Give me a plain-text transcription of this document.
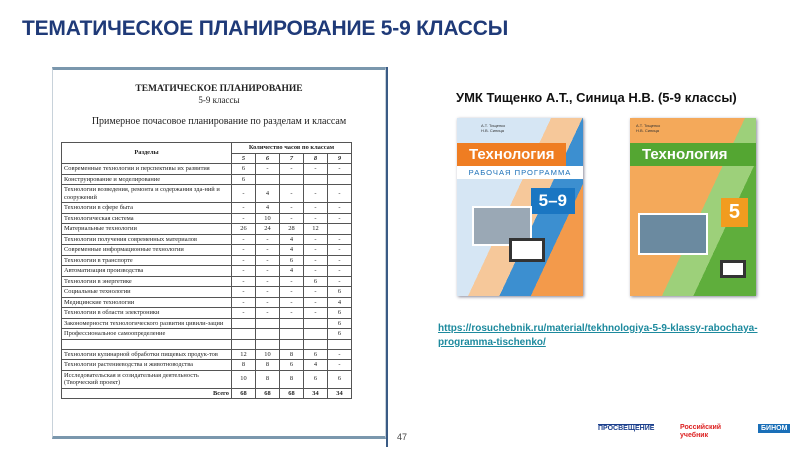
ТЕМАТИЧЕСКОЕ ПЛАНИРОВАНИЕ 5-9 КЛАССЫ
ТЕМАТИЧЕСКОЕ ПЛАНИРОВАНИЕ
5-9 классы
Примерное почасовое планирование по разделам и классам
Разделы	Количество часов по классам				
	5	6	7	8	9
Современные технологии и перспективы их развития	6	-	-	-	-
Конструирование и моделирование	6				
Технологии возведения, ремонта и содержания зда-ний и сооружений	-	4	-	-	-
Технологии в сфере быта	-	4	-	-	-
Технологическая система	-	10	-	-	-
Материальные технологии	26	24	28	12	
Технологии получения современных материалов	-	-	4	-	-
Современные информационные технологии	-	-	4	-	-
Технологии в транспорте	-	-	6	-	-
Автоматизация производства	-	-	4	-	-
Технологии в энергетике	-	-	-	6	-
Социальные технологии	-	-	-	-	6
Медицинские технологии	-	-	-	-	4
Технологии в области электроники	-	-	-	-	6
Закономерности технологического развития цивили-зации					6
Профессиональное самоопределение					6

Технологии кулинарной обработки пищевых продук-тов	12	10	8	6	-
Технологии растениеводства и животноводства	8	8	6	4	-
Исследовательская и созидательная деятельность (Творческий проект)	10	8	8	6	6
Всего	68	68	68	34	34
47
УМК Тищенко А.Т., Синица Н.В. (5-9 классы)
А.Т. Тищенко
Н.В. Синица
Технология
РАБОЧАЯ ПРОГРАММА
5–9
А.Т. Тищенко
Н.В. Синица
Технология
5
https://rosuchebnik.ru/material/tekhnologiya-5-9-klassy-rabochaya-programma-tischenko/
ПРОСВЕЩЕНИЕ	Российский учебник
БИНОМ
